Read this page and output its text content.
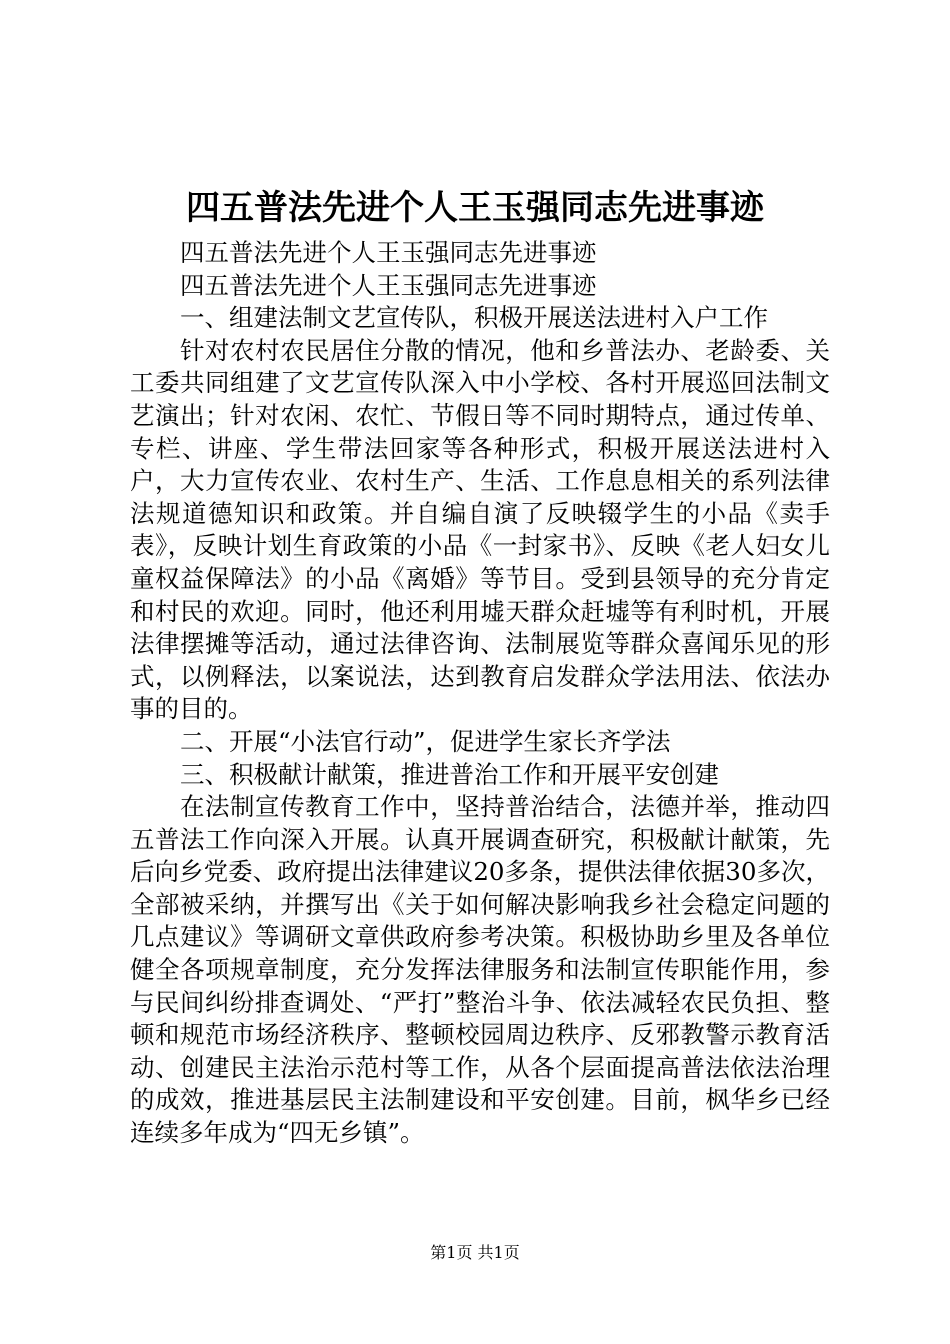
四五普法先进个人王玉强同志先进事迹

四五普法先进个人王玉强同志先进事迹

四五普法先进个人王玉强同志先进事迹

一、组建法制文艺宣传队，积极开展送法进村入户工作

针对农村农民居住分散的情况，他和乡普法办、老龄委、关工委共同组建了文艺宣传队深入中小学校、各村开展巡回法制文艺演出；针对农闲、农忙、节假日等不同时期特点，通过传单、专栏、讲座、学生带法回家等各种形式，积极开展送法进村入户，大力宣传农业、农村生产、生活、工作息息相关的系列法律法规道德知识和政策。并自编自演了反映辍学生的小品《卖手表》，反映计划生育政策的小品《一封家书》、反映《老人妇女儿童权益保障法》的小品《离婚》等节目。受到县领导的充分肯定和村民的欢迎。同时，他还利用墟天群众赶墟等有利时机，开展法律摆摊等活动，通过法律咨询、法制展览等群众喜闻乐见的形式，以例释法，以案说法，达到教育启发群众学法用法、依法办事的目的。

二、开展“小法官行动”，促进学生家长齐学法

三、积极献计献策，推进普治工作和开展平安创建

在法制宣传教育工作中，坚持普治结合，法德并举，推动四五普法工作向深入开展。认真开展调查研究，积极献计献策，先后向乡党委、政府提出法律建议20多条，提供法律依据30多次，全部被采纳，并撰写出《关于如何解决影响我乡社会稳定问题的几点建议》等调研文章供政府参考决策。积极协助乡里及各单位健全各项规章制度，充分发挥法律服务和法制宣传职能作用，参与民间纠纷排查调处、“严打”整治斗争、依法减轻农民负担、整顿和规范市场经济秩序、整顿校园周边秩序、反邪教警示教育活动、创建民主法治示范村等工作，从各个层面提高普法依法治理的成效，推进基层民主法制建设和平安创建。目前，枫华乡已经连续多年成为“四无乡镇”。

第1页 共1页
